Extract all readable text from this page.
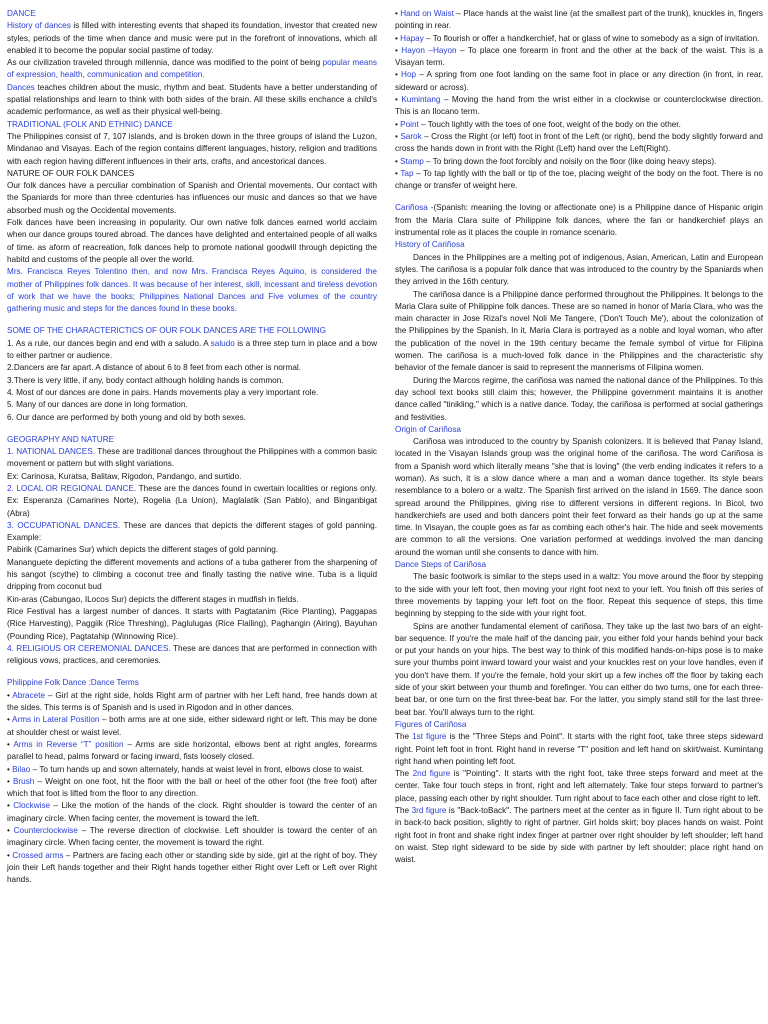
DANCE

History of dances is filled with interesting events that shaped its foundation, investor that created new styles, periods of the time when dance and music were put in the forefront of innovations, which all enabled it to become the popular social pastime of today.

As our civilization traveled through millennia, dance was modified to the point of being popular means of expression, health, communication and competition.

Dances teaches children about the music, rhythm and beat. Students have a better understanding of spatial relationships and learn to think with both sides of the brain. All these skills enchance a child's academic performance, as well as their physical well-being.

TRADITIONAL (FOLK AND ETHNIC) DANCE

The Philippines consist of 7, 107 islands, and is broken down in the three groups of island the Luzon, Mindanao and Visayas. Each of the region contains different languages, history, religion and traditions with each region having different influences in their arts, crafts, and ancestorical dances.

NATURE OF OUR FOLK DANCES

Our folk dances have a perculiar combination of Spanish and Oriental movements. Our contact with the Spaniards for more than three cdenturies has influences our music and dances so that we have absorbed mush og the Occidental movements.

Folk dances have been increasing in popularity. Our own native folk dances earned world acclaim when our dance groups toured abroad. The dances have delighted and entertained people of all walks of time. as aform of reacreation, folk dances help to promote national goodwill through depicting the habitd and customs of the people all over the world.

Mrs. Francisca Reyes Tolentino then, and now Mrs. Francisca Reyes Aquino, is considered the mother of Philippines folk dances. It was because of her interest, skill, incessant and tireless devotion of work that we have the books; Philippines National Dances and Five volumes of the country gathering music and steps for the dances found in these books.

SOME OF THE CHARACTERICTICS OF OUR FOLK DANCES ARE THE FOLLOWING

1. As a rule, our dances begin and end with a saludo. A saludo is a three step turn in place and a bow to either partner or audience.

2.Dancers are far apart. A distance of about 6 to 8 feet from each other is normal.

3.There is very little, if any, body contact although holding hands is common.

4. Most of our dances are done in pairs. Hands movements play a very important role.

5. Many of our dances are done in long formation.

6. Our dance are performed by both young and old by both sexes.

GEOGRAPHY AND NATURE

1. NATIONAL DANCES. These are traditional dances throughout the Philippines with a common basic movement or pattern but with slight variations.

Ex: Carinosa, Kuratsa, Balitaw, Rigodon, Pandango, and surtido.

2. LOCAL OR REGIONAL DANCE. These are the dances found in cwertain localities or regions only. Ex: Esperanza (Camarines Norte), Rogelia (La Union), Maglalatik (San Pablo), and Binganbigat (Abra)

3. OCCUPATIONAL DANCES. These are dances that depicts the different stages of gold panning. Example:

Pabirik (Camarines Sur) which depicts the different stages of gold panning.

Mananguete depicting the different movements and actions of a tuba gatherer from the sharpening of his sangot (scythe) to climbing a coconut tree and finally tasting the native wine. Tuba is a liquid dripping from coconut bud

Kin-aras (Cabungao, ILocos Sur) depicts the different stages in mudfish in fields.

Rice Festival has a largest number of dances. It starts with Pagtatanim (Rice Planting), Paggapas (Rice Harvesting), Paggiik (Rice Threshing), Paglulugas (Rice Flailing), Paghangin (Airing), Bayuhan (Pounding Rice), Pagtatahip (Winnowing Rice).

4. RELIGIOUS OR CEREMONIAL DANCES. These are dances that are performed in connection with religious vows, practices, and ceremonies.

Philippine Folk Dance :Dance Terms

• Abracete – Girl at the right side, holds Right arm of partner with her Left hand, free hands down at the sides. This terms is of Spanish and is used in Rigodon and in other dances.

• Arms in Lateral Position – both arms are at one side, either sideward right or left. This may be done at shoulder chest or waist level.

• Arms in Reverse “T” position – Arms are side horizontal, elbows bent at right angles, forearms parallel to head, palms forward or facing inward, fists loosely closed.

• Bilao – To turn hands up and sown alternately, hands at waist level in front, elbows close to waist.

• Brush – Weight on one foot, hit the floor with the ball or heel of the other foot (the free foot) after which that foot is lifted from the floor to any direction.

• Clockwise – Like the motion of the hands of the clock. Right shoulder is toward the center of an imaginary circle. When facing center, the movement is toward the left.

• Counterclockwise – The reverse direction of clockwise. Left shoulder is toward the center of an imaginary circle. When facing center, the movement is toward the right.

• Crossed arms – Partners are facing each other or standing side by side, girl at the right of boy. They join their Left hands together and their Right hands together either Right over Left or Left over Right hands.

• Hand on Waist – Place hands at the waist line (at the smallest part of the trunk), knuckles in, fingers pointing in rear.

• Hapay – To flourish or offer a handkerchief, hat or glass of wine to somebody as a sign of invitation.

• Hayon –Hayon – To place one forearm in front and the other at the back of the waist. This is a Visayan term.

• Hop – A spring from one foot landing on the same foot in place or any direction (in front, in rear, sideward or across).

• Kumintang – Moving the hand from the wrist either in a clockwise or counterclockwise direction. This is an Ilocano term.

• Point – Touch lightly with the toes of one foot, weight of the body on the other.

• Sarok – Cross the Right (or left) foot in front of the Left (or right), bend the body slightly forward and cross the hands down in front with the Right (Left) hand over the Left(Right).

• Stamp – To bring down the foot forcibly and noisily on the floor (like doing heavy steps).

• Tap – To tap lightly with the ball or tip of the toe, placing weight of the body on the foot. There is no change or transfer of weight here.

Cariñosa -(Spanish: meaning the loving or affectionate one) is a Philippine dance of Hispanic origin from the Maria Clara suite of Philippine folk dances, where the fan or handkerchief plays an instrumental role as it places the couple in romance scenario.

History of Cariñosa

Dances in the Philippines are a melting pot of indigenous, Asian, American, Latin and European styles. The cariñosa is a popular folk dance that was introduced to the country by the Spaniards when they arrived in the 16th century.

The cariñosa dance is a Philippine dance performed throughout the Philippines. It belongs to the Maria Clara suite of Philippine folk dances. These are so named in honor of Maria Clara, who was the main character in Jose Rizal's novel Noli Me Tangere, ('Don't Touch Me'), about the colonization of the Philippines by the Spanish. In it, Maria Clara is portrayed as a noble and loyal woman, who after the publication of the novel in the 19th century became the female symbol of virtue for Filipina women. The cariñosa is a much-loved folk dance in the Philippines and the characteristic shy behavior of the female dancer is said to represent the mannerisms of Filipina women.

During the Marcos regime, the cariñosa was named the national dance of the Philippines. To this day school text books still claim this; however, the Philippine government maintains it is another dance called "tinikling," which is a native dance. Today, the cariñosa is performed at social gatherings and festivities.

Origin of Cariñosa

Cariñosa was introduced to the country by Spanish colonizers. It is believed that Panay Island, located in the Visayan Islands group was the original home of the cariñosa. The word Cariñosa is from a Spanish word which literally means "she that is loving" (the verb ending indicates it refers to a woman). As such, it is a slow dance where a man and a woman dance together. Its style bears resemblance to a bolero or a waltz. The Spanish first arrived on the island in 1569. The dance soon spread around the Philippines, giving rise to different versions in different regions. In Bicol, two handkerchiefs are used and both dancers point their feet forward as their hands go up at the same time. In Visayan, the couple goes as far as combing each other's hair. The hide and seek movements are common to all the versions. One variation performed at weddings involved the man dancing around the woman until she consents to dance with him.

Dance Steps of Cariñosa

The basic footwork is similar to the steps used in a waltz: You move around the floor by stepping to the side with your left foot, then moving your right foot next to your left. You finish off this series of three movements by tapping your left foot on the floor. Repeat this sequence of steps, this time beginning by stepping to the side with your right foot.

Spins are another fundamental element of cariñosa. They take up the last two bars of an eight-bar sequence. If you're the male half of the dancing pair, you either fold your hands behind your back or put your hands on your hips. The best way to think of this modified hands-on-hips pose is to make sure your thumbs point inward toward your waist and your knuckles rest on your love handles, even if you don't have them. If you're the female, hold your skirt up a few inches off the floor by taking each side of your skirt between your thumb and forefinger. You can either do two turns, one for each three-beat bar, or one turn on the first three-beat bar. For the latter, you simply stand still for the last three-beat bar. You'll always turn to the right.

Figures of Cariñosa

The 1st figure is the "Three Steps and Point". It starts with the right foot, take three steps sideward right. Point left foot in front. Right hand in reverse "T" position and left hand on skirt/waist. Kumintang right hand when pointing left foot.

The 2nd figure is "Pointing". It starts with the right foot, take three steps forward and meet at the center. Take four touch steps in front, right and left alternately. Take four steps forward to partner's place, passing each other by right shoulder. Turn right about to face each other and close right to left.

The 3rd figure is "Back-toBack". The partners meet at the center as in figure II. Turn right about to be in back-to back position, slightly to right of partner. Girl holds skirt; boy places hands on waist. Point right foot in front and shake right index finger at partner over right shoulder by left shoulder; left hand on waist. Step right sideward to be side by side with partner by left shoulder; place right hand on waist.
